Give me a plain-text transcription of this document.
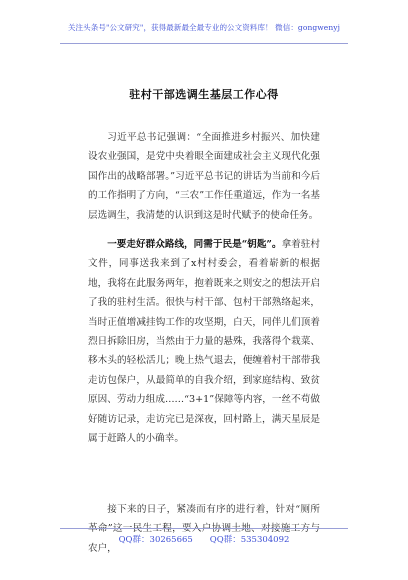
关注头条号"公文研究"，获得最新最全最专业的公文资料库！ 微信：gongwenyj
驻村干部选调生基层工作心得

习近平总书记强调：“全面推进乡村振兴、加快建设农业强国，是党中央着眼全面建成社会主义现代化强国作出的战略部署。”习近平总书记的讲话为当前和今后的工作指明了方向，“三农”工作任重道远，作为一名基层选调生，我清楚的认识到这是时代赋予的使命任务。

一要走好群众路线，同需于民是“钥匙”。拿着驻村文件，同事送我来到了x村村委会，看着崭新的根据地，我将在此服务两年，抱着既来之则安之的想法开启了我的驻村生活。很快与村干部、包村干部熟络起来，当时正值增减挂钩工作的攻坚期，白天，同伴儿们顶着烈日拆除旧房，当然由于力量的悬殊，我落得个栽菜、移木头的轻松活儿；晚上热气退去，便缠着村干部带我走访包保户，从最简单的自我介绍，到家庭结构、致贫原因、劳动力组成……“3+1”保障等内容，一丝不苟做好随访记录，走访完已是深夜，回村路上，满天星辰是属于赶路人的小确幸。

接下来的日子，紧凑而有序的进行着，针对“厕所革命”这一民生工程，要入户协调土地、对接施工方与农户，

QQ群：30265665　　QQ群：535304092
